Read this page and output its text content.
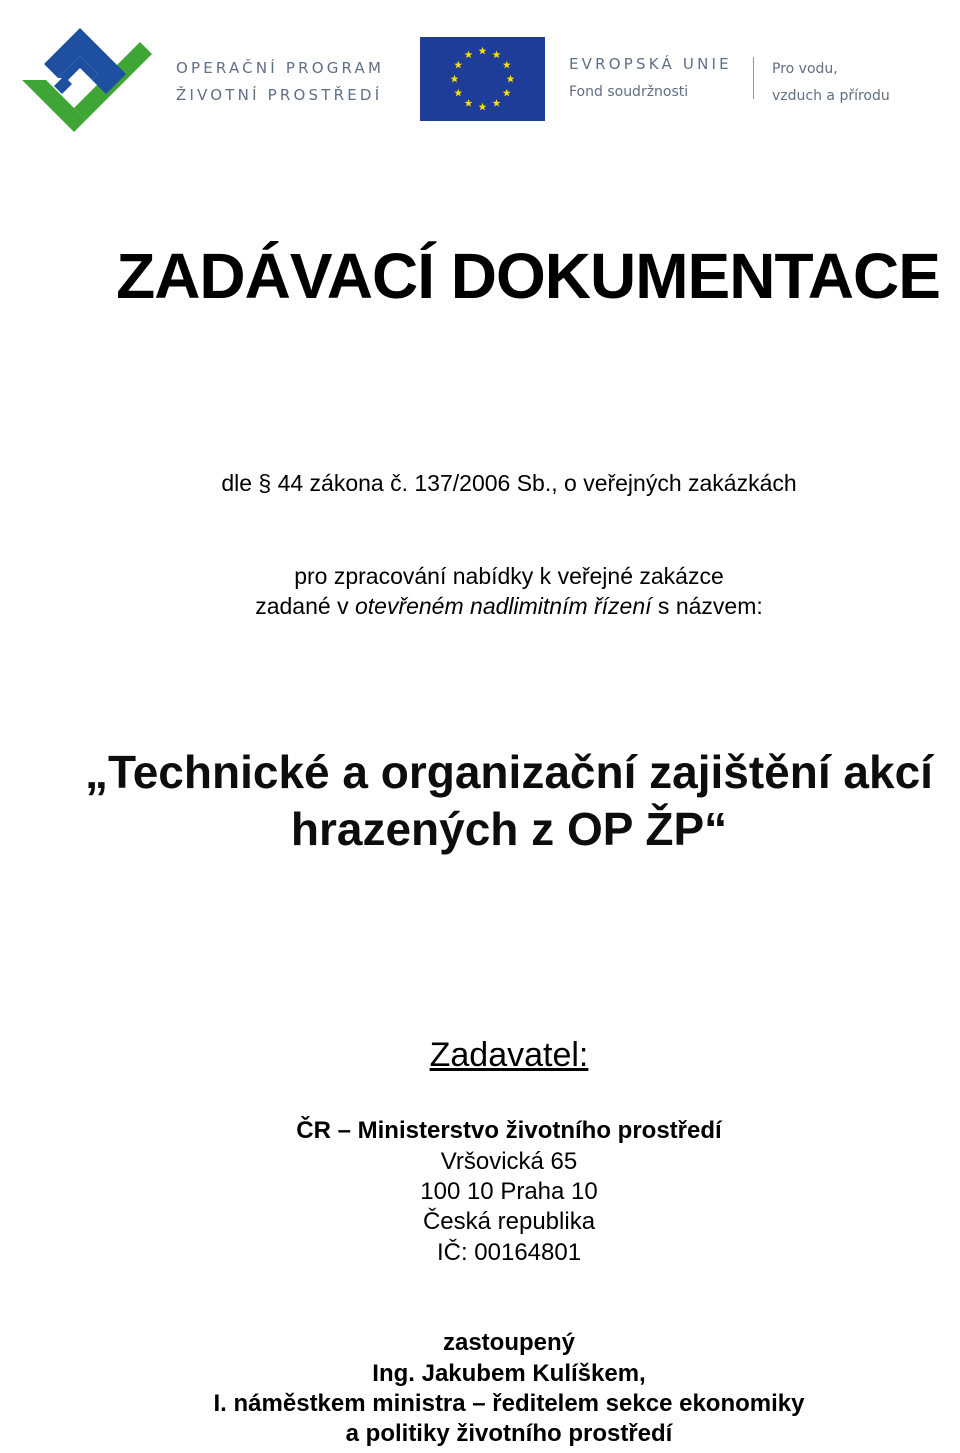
OPERAČNÍ PROGRAM
ŽIVOTNÍ PROSTŘEDÍ
EVROPSKÁ UNIE
Fond soudržnosti
Pro vodu,
vzduch a přírodu
ZADÁVACÍ DOKUMENTACE
dle § 44 zákona č. 137/2006 Sb., o veřejných zakázkách
pro zpracování nabídky k veřejné zakázce
zadané v otevřeném nadlimitním řízení s názvem:
„Technické a organizační zajištění akcí
hrazených z OP ŽP“
Zadavatel:
ČR – Ministerstvo životního prostředí
Vršovická 65
100 10 Praha 10
Česká republika
IČ: 00164801
zastoupený
Ing. Jakubem Kulíškem,
I. náměstkem ministra – ředitelem sekce ekonomiky
a politiky životního prostředí
